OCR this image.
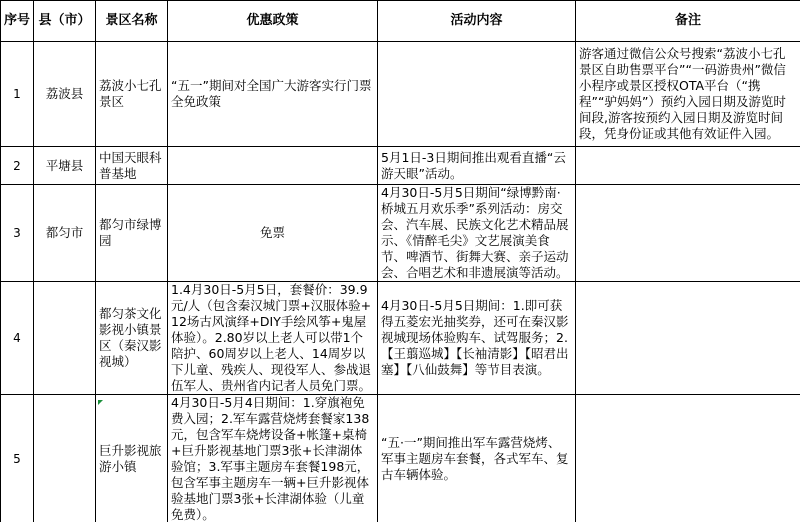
序号	县（市）	景区名称	优惠政策	活动内容	备注
1	荔波县	荔波小七孔景区	“五一”期间对全国广大游客实行门票全免政策		游客通过微信公众号搜索“荔波小七孔景区自助售票平台”“一码游贵州”微信小程序或景区授权OTA平台（“携程”“驴妈妈”）预约入园日期及游览时间段,游客按预约入园日期及游览时间段，凭身份证或其他有效证件入园。
2	平塘县	中国天眼科普基地		5月1日-3日期间推出观看直播“云游天眼”活动。	
3	都匀市	都匀市绿博园	免票	4月30日-5月5日期间“绿博黔南·桥城五月欢乐季”系列活动：房交会、汽车展、民族文化艺术精品展示、《情醉毛尖》文艺展演美食节、啤酒节、街舞大赛、亲子运动会、合唱艺术和非遗展演等活动。	
4		都匀茶文化影视小镇景区（秦汉影视城）	1.4月30日-5月5日，套餐价：39.9元/人（包含秦汉城门票+汉服体验+12场古风演绎+DIY手绘风筝+鬼屋体验）。2.80岁以上老人可以带1个陪护、60周岁以上老人、14周岁以下儿童、残疾人、现役军人、参战退伍军人、贵州省内记者人员免门票。	4月30日-5月5日期间：1.即可获得五菱宏光抽奖券，还可在秦汉影视城现场体验购车、试驾服务；2.【王翦巡城】【长袖清影】【昭君出塞】【八仙鼓舞】等节目表演。	
5		巨升影视旅游小镇	4月30日-5月4日期间：1.穿旗袍免费入园；2.军车露营烧烤套餐家138元，包含军车烧烤设备+帐篷+桌椅+巨升影视基地门票3张+长津湖体验馆；3.军事主题房车套餐198元，包含军事主题房车一辆+巨升影视体验基地门票3张+长津湖体验（儿童免费）。	“五·一”期间推出军车露营烧烤、军事主题房车套餐，各式军车、复古车辆体验。	
